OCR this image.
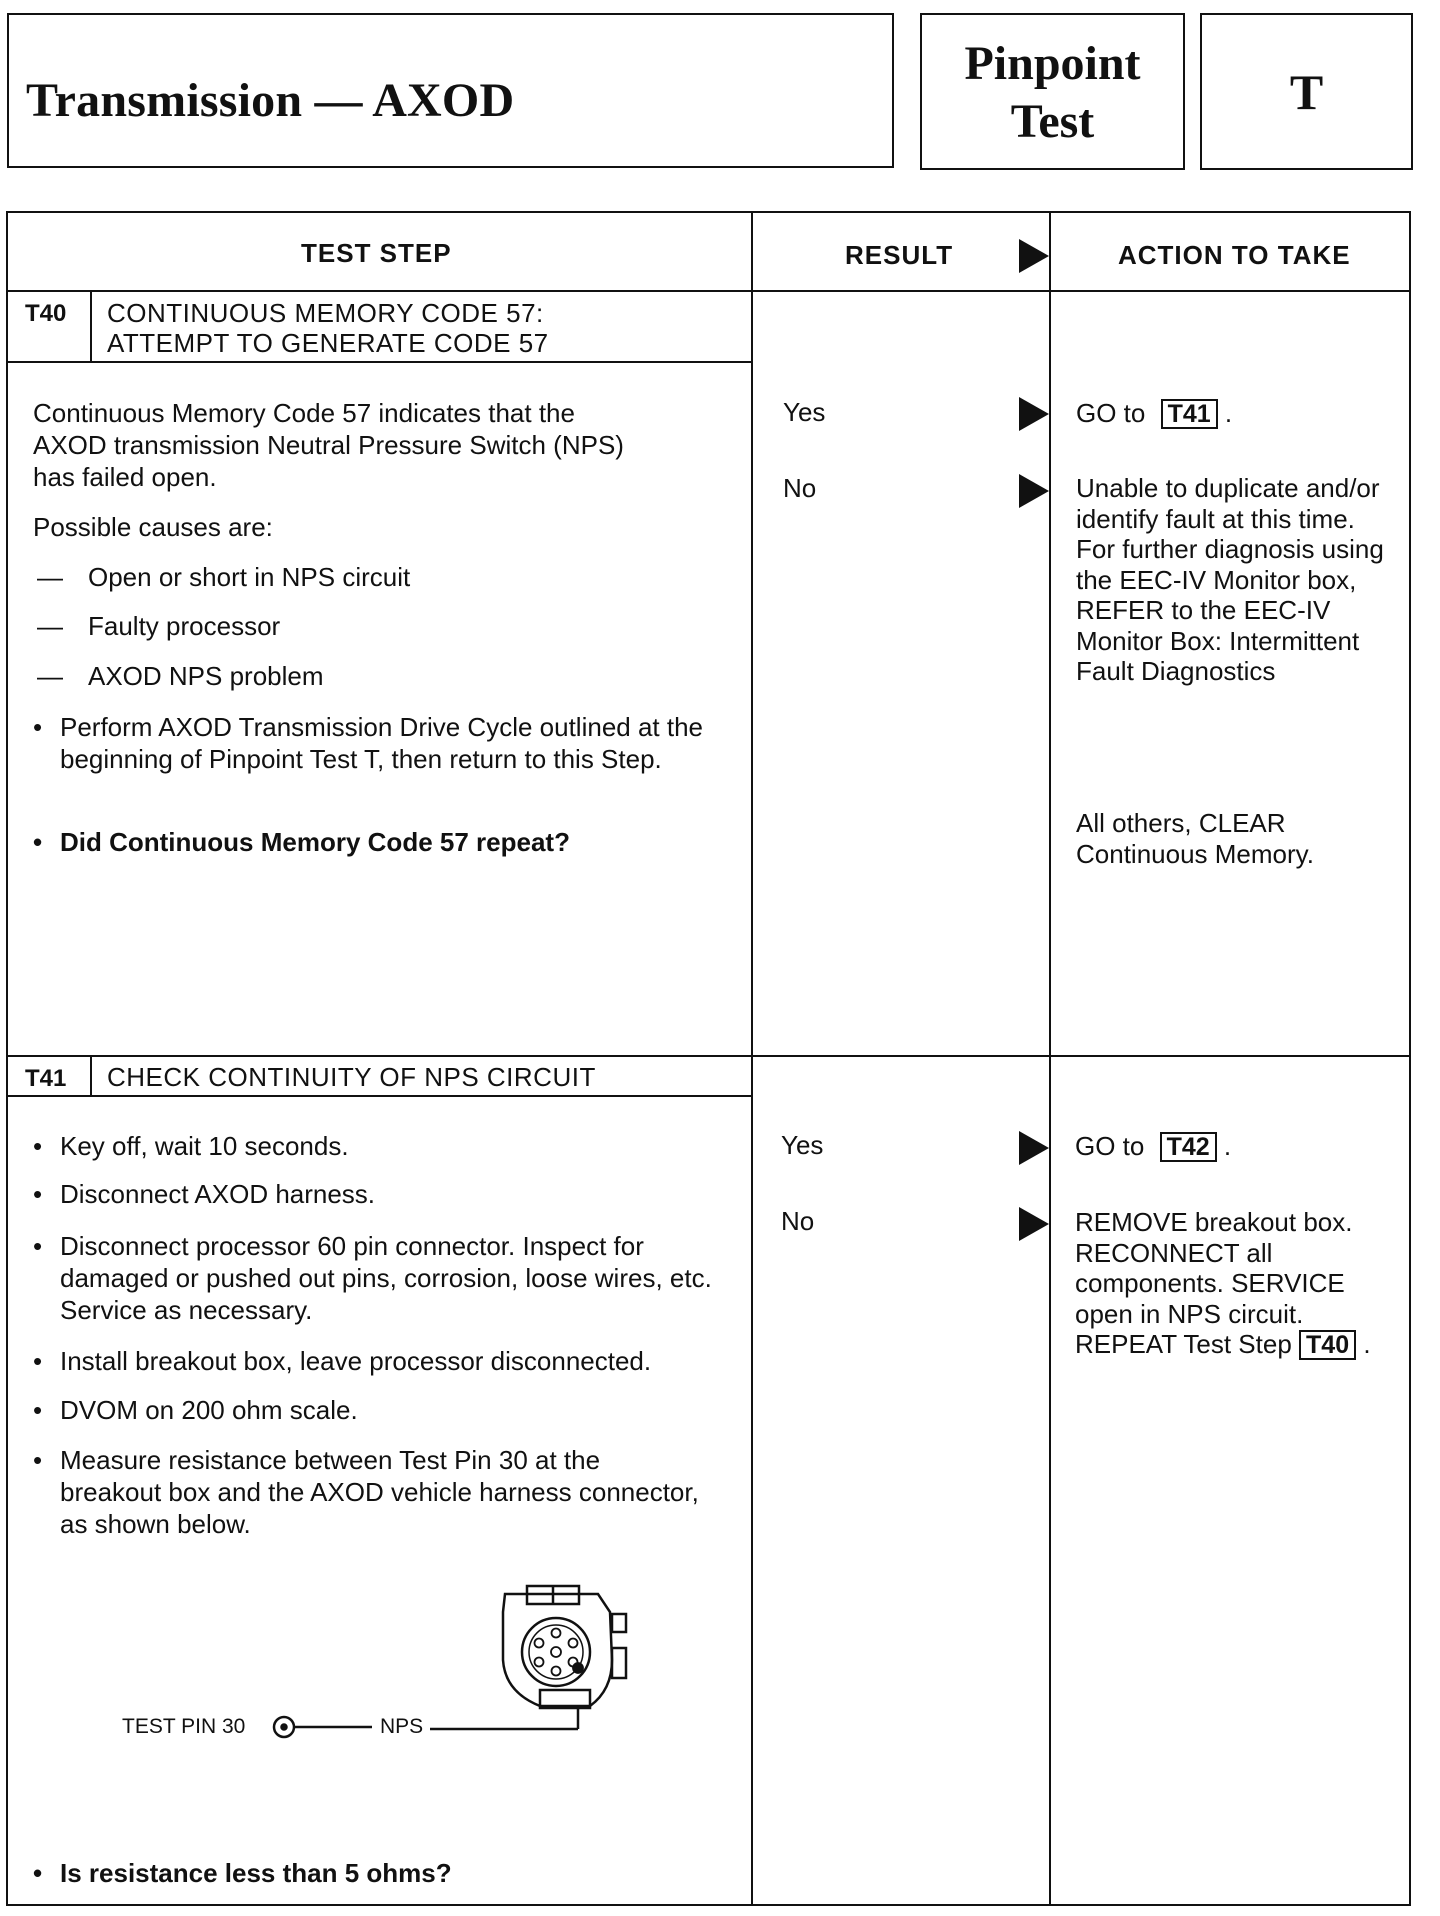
Transmission — AXOD
Pinpoint
Test
T
TEST STEP	RESULT	ACTION TO TAKE
T40 CONTINUOUS MEMORY CODE 57:
ATTEMPT TO GENERATE CODE 57
Continuous Memory Code 57 indicates that the
AXOD transmission Neutral Pressure Switch (NPS)
has failed open.
Possible causes are:
— Open or short in NPS circuit
— Faulty processor
— AXOD NPS problem
• Perform AXOD Transmission Drive Cycle outlined at the beginning of Pinpoint Test T, then return to this Step.
• Did Continuous Memory Code 57 repeat?
Yes	GO to T41 .
No	Unable to duplicate and/or identify fault at this time. For further diagnosis using the EEC-IV Monitor box, REFER to the EEC-IV Monitor Box: Intermittent Fault Diagnostics
All others, CLEAR Continuous Memory.
T41 CHECK CONTINUITY OF NPS CIRCUIT
• Key off, wait 10 seconds.
• Disconnect AXOD harness.
• Disconnect processor 60 pin connector. Inspect for damaged or pushed out pins, corrosion, loose wires, etc. Service as necessary.
• Install breakout box, leave processor disconnected.
• DVOM on 200 ohm scale.
• Measure resistance between Test Pin 30 at the breakout box and the AXOD vehicle harness connector, as shown below.
TEST PIN 30	NPS
• Is resistance less than 5 ohms?
Yes	GO to T42 .
No	REMOVE breakout box. RECONNECT all components. SERVICE open in NPS circuit. REPEAT Test Step T40 .
